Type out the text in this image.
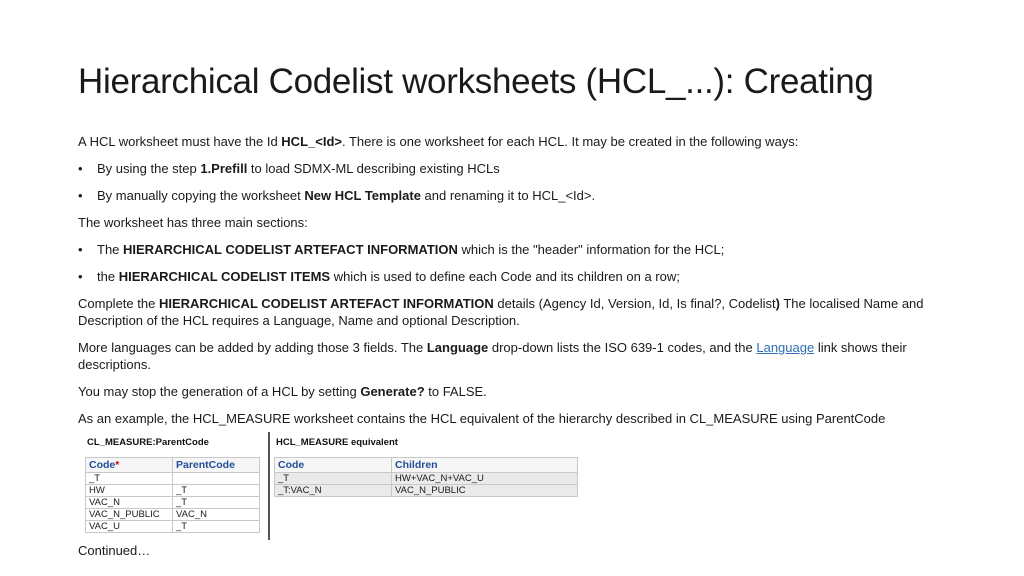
Hierarchical Codelist worksheets (HCL_...): Creating

A HCL worksheet must have the Id HCL_<Id>. There is one worksheet for each HCL. It may be created in the following ways:

• By using the step 1.Prefill to load SDMX-ML describing existing HCLs
• By manually copying the worksheet New HCL Template and renaming it to HCL_<Id>.

The worksheet has three main sections:

• The HIERARCHICAL CODELIST ARTEFACT INFORMATION which is the "header" information for the HCL;
• the HIERARCHICAL CODELIST ITEMS which is used to define each Code and its children on a row;

Complete the HIERARCHICAL CODELIST ARTEFACT INFORMATION details (Agency Id, Version, Id, Is final?, Codelist) The localised Name and Description of the HCL requires a Language, Name and optional Description.

More languages can be added by adding those 3 fields. The Language drop-down lists the ISO 639-1 codes, and the Language link shows their descriptions.

You may stop the generation of a HCL by setting Generate? to FALSE.

As an example, the HCL_MEASURE worksheet contains the HCL equivalent of the hierarchy described in CL_MEASURE using ParentCode

CL_MEASURE:ParentCode	HCL_MEASURE equivalent
Code*	ParentCode
_T	
HW	_T
VAC_N	_T
VAC_N_PUBLIC	VAC_N
VAC_U	_T
Code	Children
_T	HW+VAC_N+VAC_U
_T:VAC_N	VAC_N_PUBLIC
Continued…
